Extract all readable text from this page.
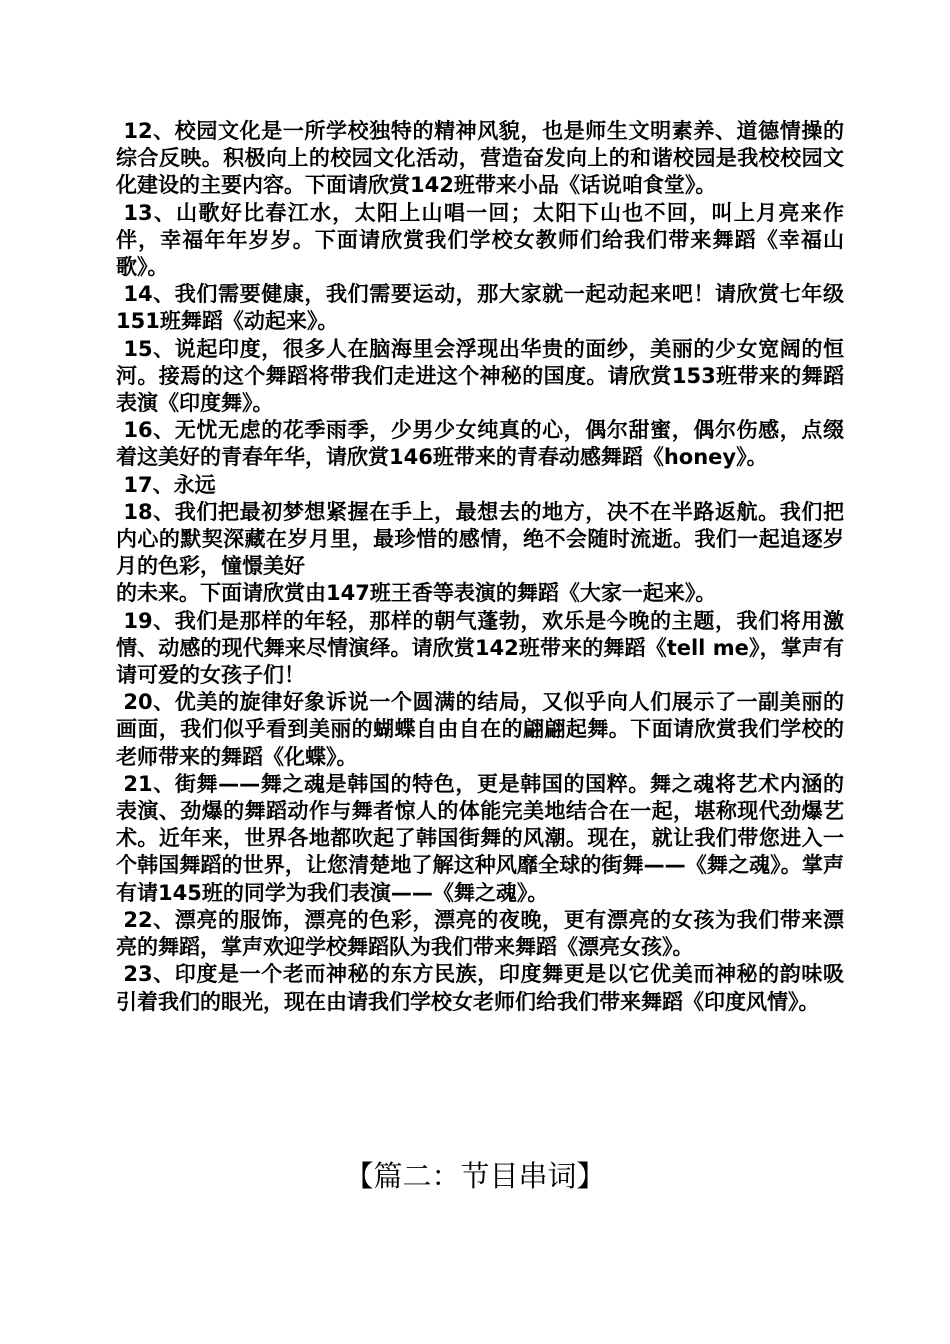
12、校园文化是一所学校独特的精神风貌，也是师生文明素养、道德情操的综合反映。积极向上的校园文化活动，营造奋发向上的和谐校园是我校校园文化建设的主要内容。下面请欣赏142班带来小品《话说咱食堂》。

13、山歌好比春江水，太阳上山唱一回；太阳下山也不回，叫上月亮来作伴，幸福年年岁岁。下面请欣赏我们学校女教师们给我们带来舞蹈《幸福山歌》。

14、我们需要健康，我们需要运动，那大家就一起动起来吧！请欣赏七年级151班舞蹈《动起来》。

15、说起印度，很多人在脑海里会浮现出华贵的面纱，美丽的少女宽阔的恒河。接焉的这个舞蹈将带我们走进这个神秘的国度。请欣赏153班带来的舞蹈表演《印度舞》。

16、无忧无虑的花季雨季，少男少女纯真的心，偶尔甜蜜，偶尔伤感，点缀着这美好的青春年华，请欣赏146班带来的青春动感舞蹈《honey》。

17、永远

18、我们把最初梦想紧握在手上，最想去的地方，决不在半路返航。我们把内心的默契深藏在岁月里，最珍惜的感情，绝不会随时流逝。我们一起追逐岁月的色彩，憧憬美好

的未来。下面请欣赏由147班王香等表演的舞蹈《大家一起来》。

19、我们是那样的年轻，那样的朝气蓬勃，欢乐是今晚的主题，我们将用激情、动感的现代舞来尽情演绎。请欣赏142班带来的舞蹈《tell me》，掌声有请可爱的女孩子们！

20、优美的旋律好象诉说一个圆满的结局，又似乎向人们展示了一副美丽的画面，我们似乎看到美丽的蝴蝶自由自在的翩翩起舞。下面请欣赏我们学校的老师带来的舞蹈《化蝶》。

21、街舞——舞之魂是韩国的特色，更是韩国的国粹。舞之魂将艺术内涵的表演、劲爆的舞蹈动作与舞者惊人的体能完美地结合在一起，堪称现代劲爆艺术。近年来，世界各地都吹起了韩国街舞的风潮。现在，就让我们带您进入一个韩国舞蹈的世界，让您清楚地了解这种风靡全球的街舞——《舞之魂》。掌声有请145班的同学为我们表演——《舞之魂》。

22、漂亮的服饰，漂亮的色彩，漂亮的夜晚，更有漂亮的女孩为我们带来漂亮的舞蹈，掌声欢迎学校舞蹈队为我们带来舞蹈《漂亮女孩》。

23、印度是一个老而神秘的东方民族，印度舞更是以它优美而神秘的韵味吸引着我们的眼光，现在由请我们学校女老师们给我们带来舞蹈《印度风情》。

【篇二：节目串词】
